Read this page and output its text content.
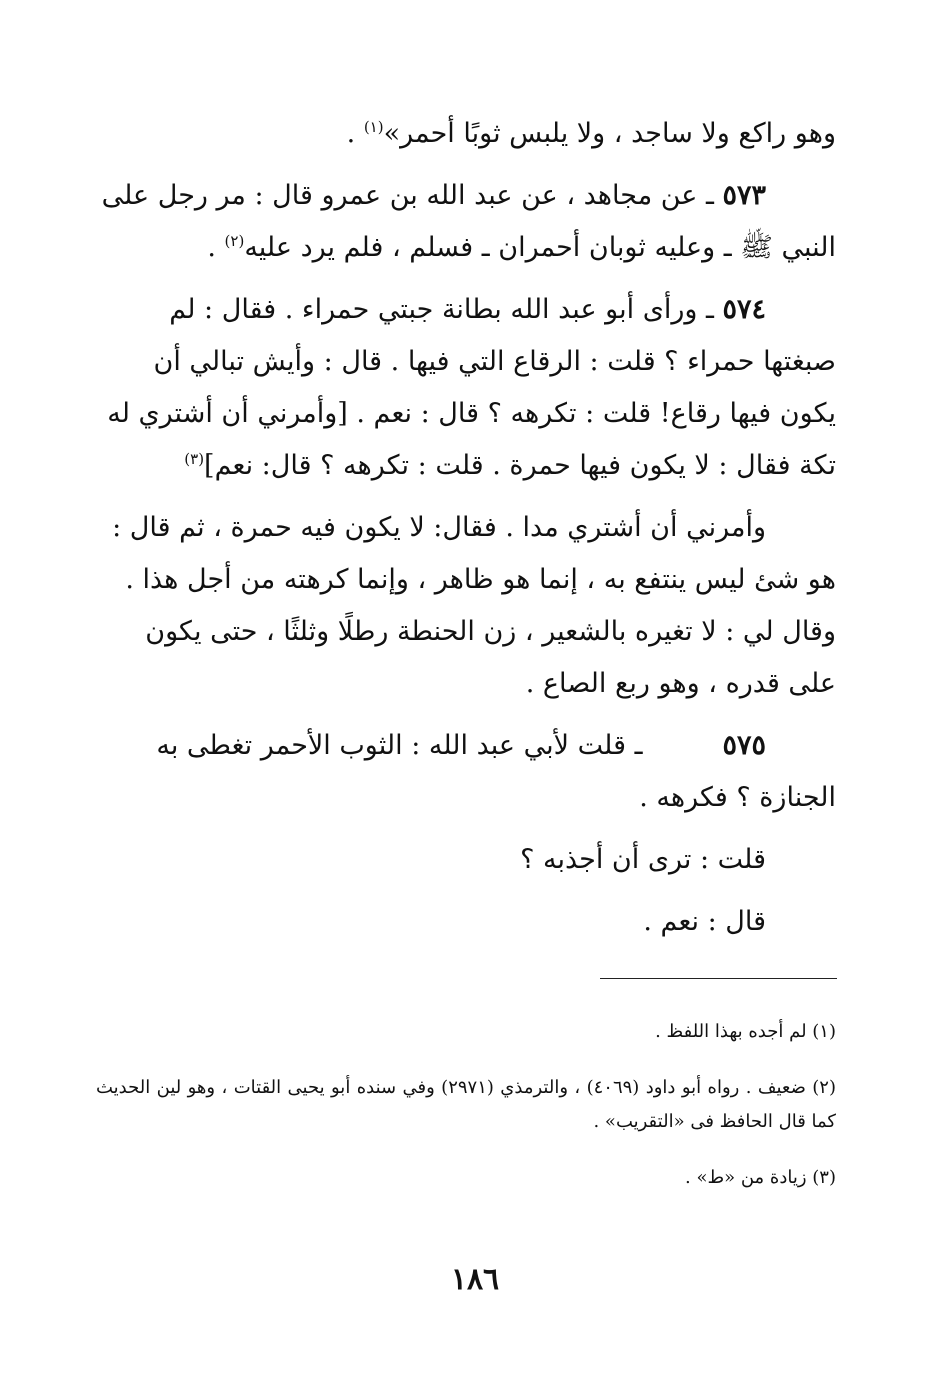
وهو راكع ولا ساجد ، ولا يلبس ثوبًا أحمر»$^{(١)}$ .

٥٧٣ ـ عن مجاهد ، عن عبد الله بن عمرو قال : مر رجل على النبي ﷺ ـ وعليه ثوبان أحمران ـ فسلم ، فلم يرد عليه$^{(٢)}$ .

٥٧٤ ـ ورأى أبو عبد الله بطانة جبتي حمراء . فقال : لم صبغتها حمراء ؟ قلت : الرقاع التي فيها . قال : وأيش تبالي أن يكون فيها رقاع! قلت : تكرهه ؟ قال : نعم . [وأمرني أن أشتري له تكة فقال : لا يكون فيها حمرة . قلت : تكرهه ؟ قال: نعم]$^{(٣)}$

وأمرني أن أشتري مدا . فقال: لا يكون فيه حمرة ، ثم قال : هو شئ ليس ينتفع به ، إنما هو ظاهر ، وإنما كرهته من أجل هذا . وقال لي : لا تغيره بالشعير ، زن الحنطة رطلًا وثلثًا ، حتى يكون على قدره ، وهو ربع الصاع .

٥٧٥ـ قلت لأبي عبد الله : الثوب الأحمر تغطى به الجنازة ؟ فكرهه .

قلت : ترى أن أجذبه ؟

قال : نعم .

(١) لم أجده بهذا اللفظ .

(٢) ضعيف . رواه أبو داود (٤٠٦٩) ، والترمذي (٢٩٧١) وفي سنده أبو يحيى القتات ، وهو لين الحديث كما قال الحافظ فى «التقريب» .

(٣) زيادة من «ط» .

١٨٦
